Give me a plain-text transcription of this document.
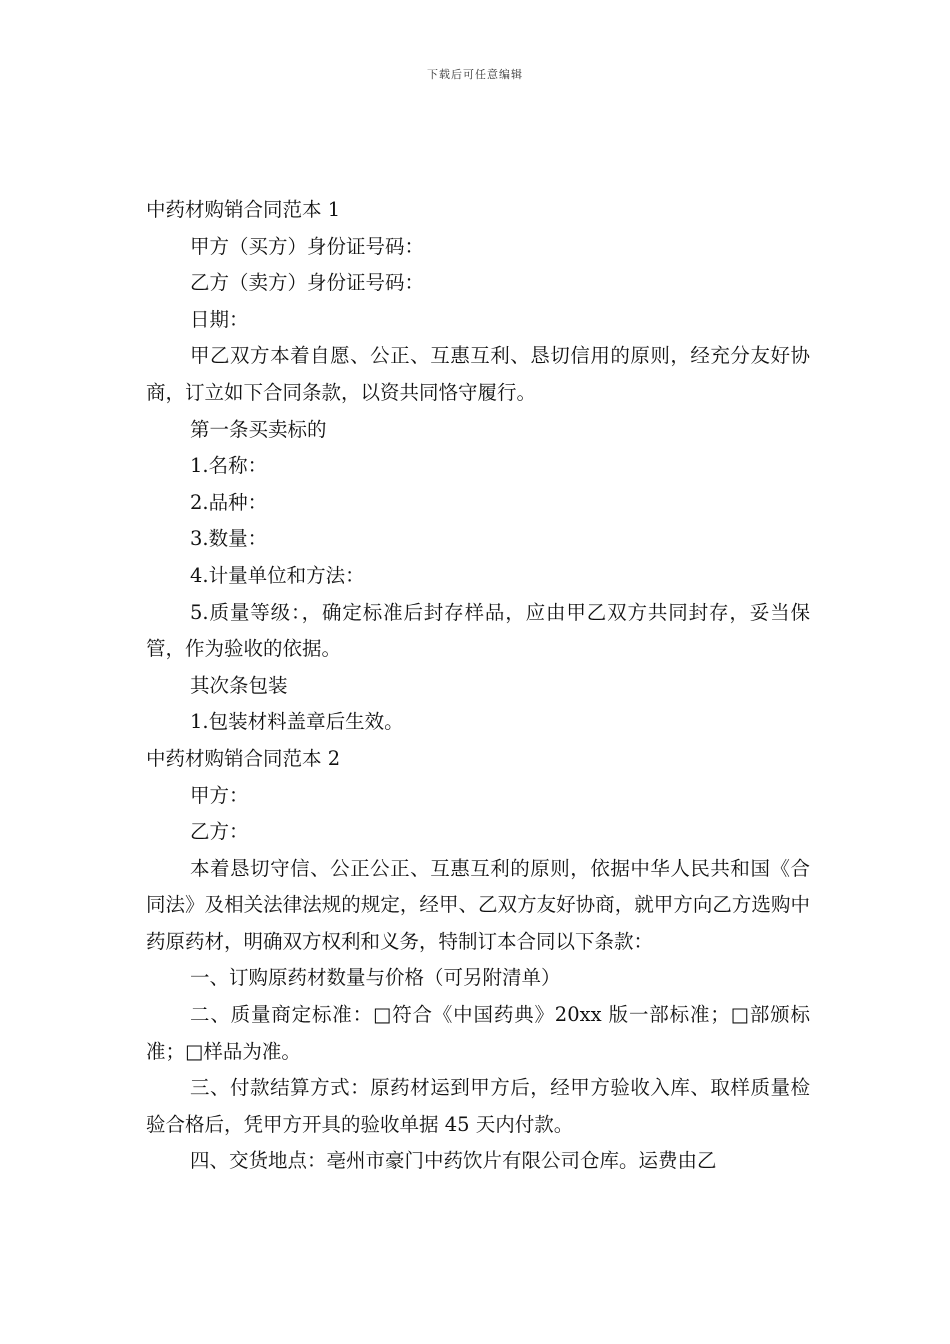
下载后可任意编辑

中药材购销合同范本 1

甲方（买方）身份证号码：

乙方（卖方）身份证号码：

日期：

甲乙双方本着自愿、公正、互惠互利、恳切信用的原则，经充分友好协商，订立如下合同条款，以资共同恪守履行。

第一条买卖标的

1.名称：

2.品种：

3.数量：

4.计量单位和方法：

5.质量等级：，确定标准后封存样品，应由甲乙双方共同封存，妥当保管，作为验收的依据。

其次条包装

1.包装材料盖章后生效。

中药材购销合同范本 2

甲方：

乙方：

本着恳切守信、公正公正、互惠互利的原则，依据中华人民共和国《合同法》及相关法律法规的规定，经甲、乙双方友好协商，就甲方向乙方选购中药原药材，明确双方权利和义务，特制订本合同以下条款：

一、订购原药材数量与价格（可另附清单）

二、质量商定标准：□符合《中国药典》20xx 版一部标准；□部颁标准；□样品为准。

三、付款结算方式：原药材运到甲方后，经甲方验收入库、取样质量检验合格后，凭甲方开具的验收单据 45 天内付款。

四、交货地点：亳州市豪门中药饮片有限公司仓库。运费由乙
